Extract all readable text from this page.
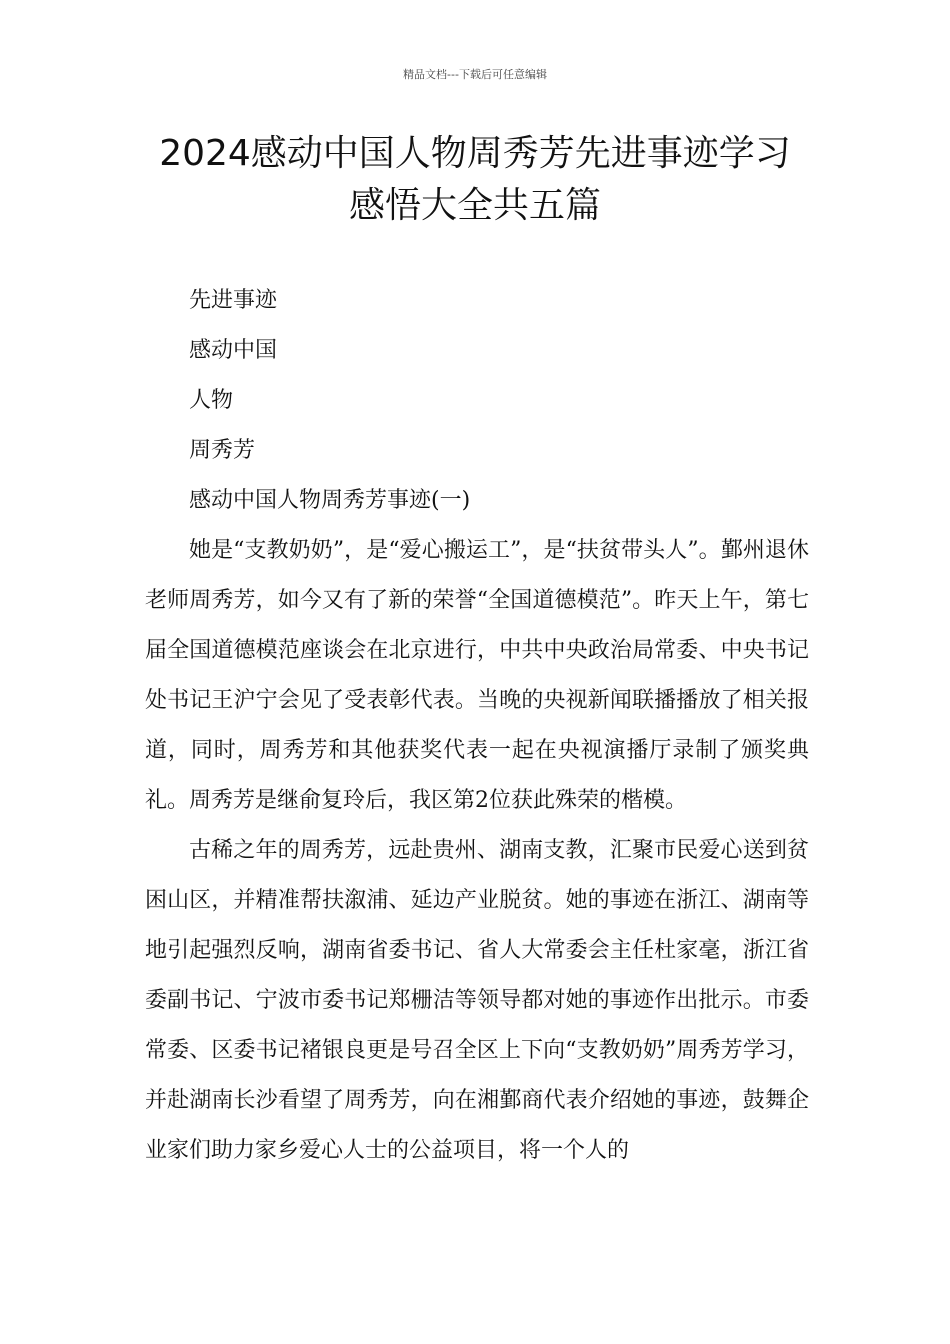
精品文档---下载后可任意编辑
2024感动中国人物周秀芳先进事迹学习
感悟大全共五篇

先进事迹

感动中国

人物

周秀芳

感动中国人物周秀芳事迹(一)

她是“支教奶奶”，是“爱心搬运工”，是“扶贫带头人”。鄞州退休老师周秀芳，如今又有了新的荣誉“全国道德模范”。昨天上午，第七届全国道德模范座谈会在北京进行，中共中央政治局常委、中央书记处书记王沪宁会见了受表彰代表。当晚的央视新闻联播播放了相关报道，同时，周秀芳和其他获奖代表一起在央视演播厅录制了颁奖典礼。周秀芳是继俞复玲后，我区第2位获此殊荣的楷模。

古稀之年的周秀芳，远赴贵州、湖南支教，汇聚市民爱心送到贫困山区，并精准帮扶溆浦、延边产业脱贫。她的事迹在浙江、湖南等地引起强烈反响，湖南省委书记、省人大常委会主任杜家毫，浙江省委副书记、宁波市委书记郑栅洁等领导都对她的事迹作出批示。市委常委、区委书记褚银良更是号召全区上下向“支教奶奶”周秀芳学习，并赴湖南长沙看望了周秀芳，向在湘鄞商代表介绍她的事迹，鼓舞企业家们助力家乡爱心人士的公益项目，将一个人的
